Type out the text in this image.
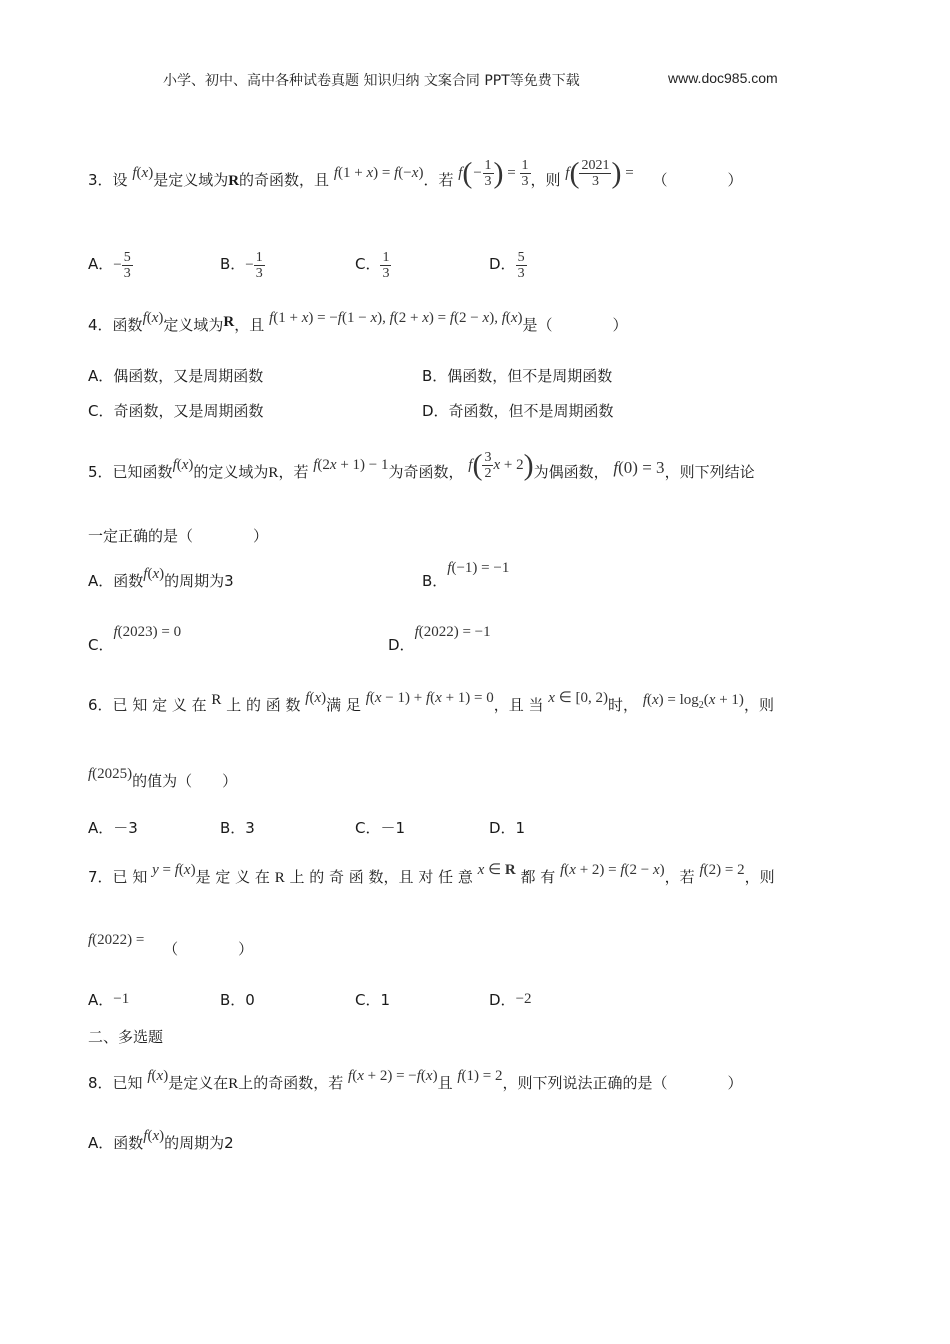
小学、初中、高中各种试卷真题 知识归纳 文案合同 PPT等免费下载	www.doc985.com
3．设 f(x)是定义域为R的奇函数，且 f(1 + x) = f(−x)．若 $f(- \frac{1}{3}$ ) = $\frac{1}{3}$ ，则 $f( \frac{2021}{3}$ ) = （　　　　）
A．− $\frac{5}{3}$	B．− $\frac{1}{3}$	C． $\frac{1}{3}$	D． $\frac{5}{3}$
4．函数f(x)定义域为R，且 f(1 + x) = −f(1 − x), f(2 + x) = f(2 − x), f(x)是（　　　　）
A．偶函数，又是周期函数	B．偶函数，但不是周期函数
C．奇函数，又是周期函数	D．奇函数，但不是周期函数
5．已知函数f(x)的定义域为R，若 f(2x + 1) − 1为奇函数， $f( \frac{3}{2}$ x + 2)为偶函数， f(0) = 3，则下列结论
一定正确的是（　　　　）
A．函数f(x)的周期为3	B．f(−1) = −1
C．f(2023) = 0
D．f(2022) = −1
6．已 知 定 义 在 R 上 的 函 数 f(x)满 足 f(x − 1) + f(x + 1) = 0，且 当 x ∈ [0, 2)时， $f(x) = \log_2(x + 1)$，则
f(2025)的值为（　　）
A．－3	B．3	C．－1	D．1
7．已 知 y = f(x)是 定 义 在 R 上 的 奇 函 数，且 对 任 意 x ∈ R 都 有 f(x + 2) = f(2 − x)，若 f(2) = 2，则
f(2022) = （　　　　）
A．−1	B．0	C．1	D．−2
二、多选题
8．已知 f(x)是定义在R上的奇函数，若 f(x + 2) = −f(x)且 f(1) = 2，则下列说法正确的是（　　　　）
A．函数f(x)的周期为2
